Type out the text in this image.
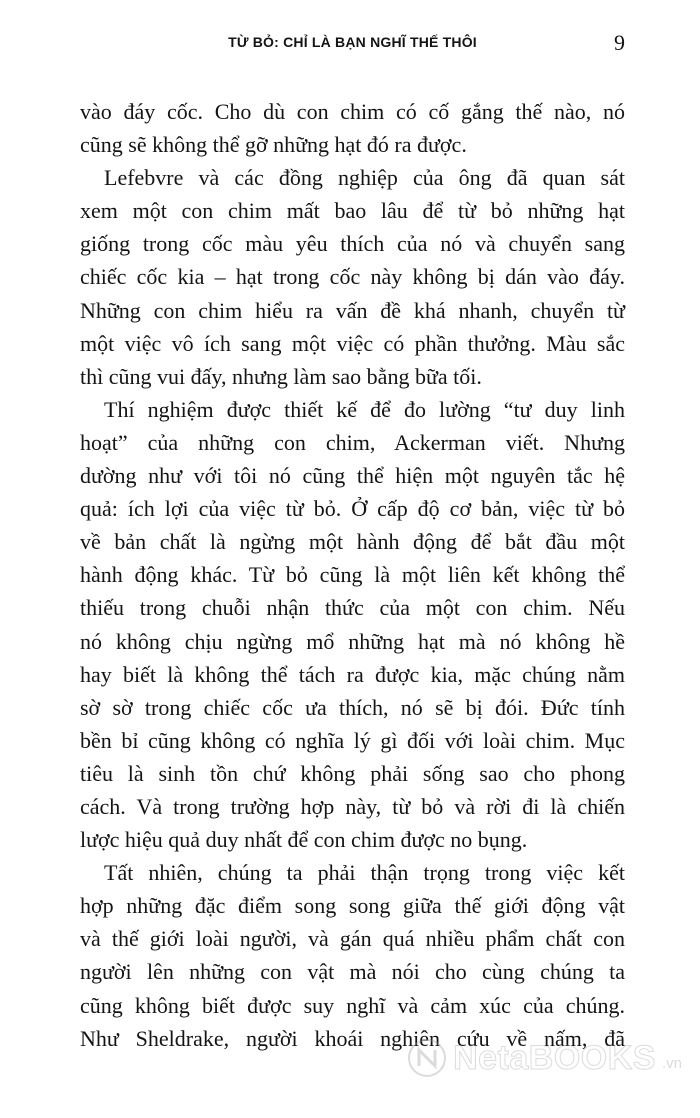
TỪ BỎ: CHỈ LÀ BẠN NGHĨ THẾ THÔI	9
vào đáy cốc. Cho dù con chim có cố gắng thế nào, nó
cũng sẽ không thể gỡ những hạt đó ra được.
Lefebvre và các đồng nghiệp của ông đã quan sát
xem một con chim mất bao lâu để từ bỏ những hạt
giống trong cốc màu yêu thích của nó và chuyển sang
chiếc cốc kia – hạt trong cốc này không bị dán vào đáy.
Những con chim hiểu ra vấn đề khá nhanh, chuyển từ
một việc vô ích sang một việc có phần thưởng. Màu sắc
thì cũng vui đấy, nhưng làm sao bằng bữa tối.
Thí nghiệm được thiết kế để đo lường “tư duy linh
hoạt” của những con chim, Ackerman viết. Nhưng
dường như với tôi nó cũng thể hiện một nguyên tắc hệ
quả: ích lợi của việc từ bỏ. Ở cấp độ cơ bản, việc từ bỏ
về bản chất là ngừng một hành động để bắt đầu một
hành động khác. Từ bỏ cũng là một liên kết không thể
thiếu trong chuỗi nhận thức của một con chim. Nếu
nó không chịu ngừng mổ những hạt mà nó không hề
hay biết là không thể tách ra được kia, mặc chúng nằm
sờ sờ trong chiếc cốc ưa thích, nó sẽ bị đói. Đức tính
bền bỉ cũng không có nghĩa lý gì đối với loài chim. Mục
tiêu là sinh tồn chứ không phải sống sao cho phong
cách. Và trong trường hợp này, từ bỏ và rời đi là chiến
lược hiệu quả duy nhất để con chim được no bụng.
Tất nhiên, chúng ta phải thận trọng trong việc kết
hợp những đặc điểm song song giữa thế giới động vật
và thế giới loài người, và gán quá nhiều phẩm chất con
người lên những con vật mà nói cho cùng chúng ta
cũng không biết được suy nghĩ và cảm xúc của chúng.
Như Sheldrake, người khoái nghiên cứu về nấm, đã
NetaBOOKS .vn
